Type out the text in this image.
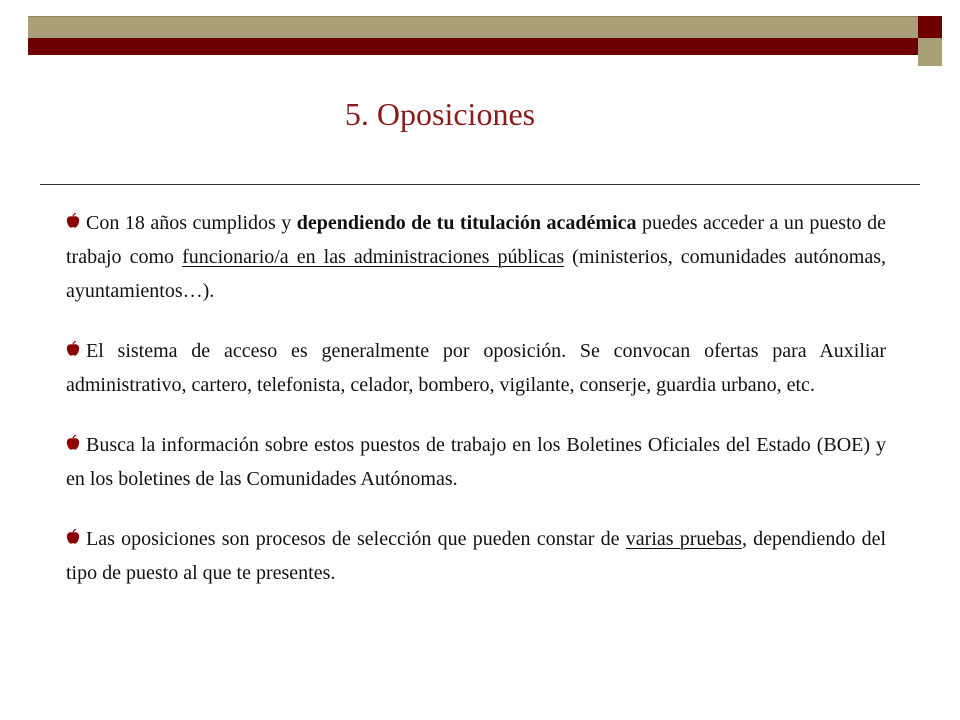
5. Oposiciones

Con 18 años cumplidos y dependiendo de tu titulación académica puedes acceder a un puesto de trabajo como funcionario/a en las administraciones públicas (ministerios, comunidades autónomas, ayuntamientos…).

El sistema de acceso es generalmente por oposición. Se convocan ofertas para Auxiliar administrativo, cartero, telefonista, celador, bombero, vigilante, conserje, guardia urbano, etc.

Busca la información sobre estos puestos de trabajo en los Boletines Oficiales del Estado (BOE) y en los boletines de las Comunidades Autónomas.

Las oposiciones son procesos de selección que pueden constar de varias pruebas, dependiendo del tipo de puesto al que te presentes.
